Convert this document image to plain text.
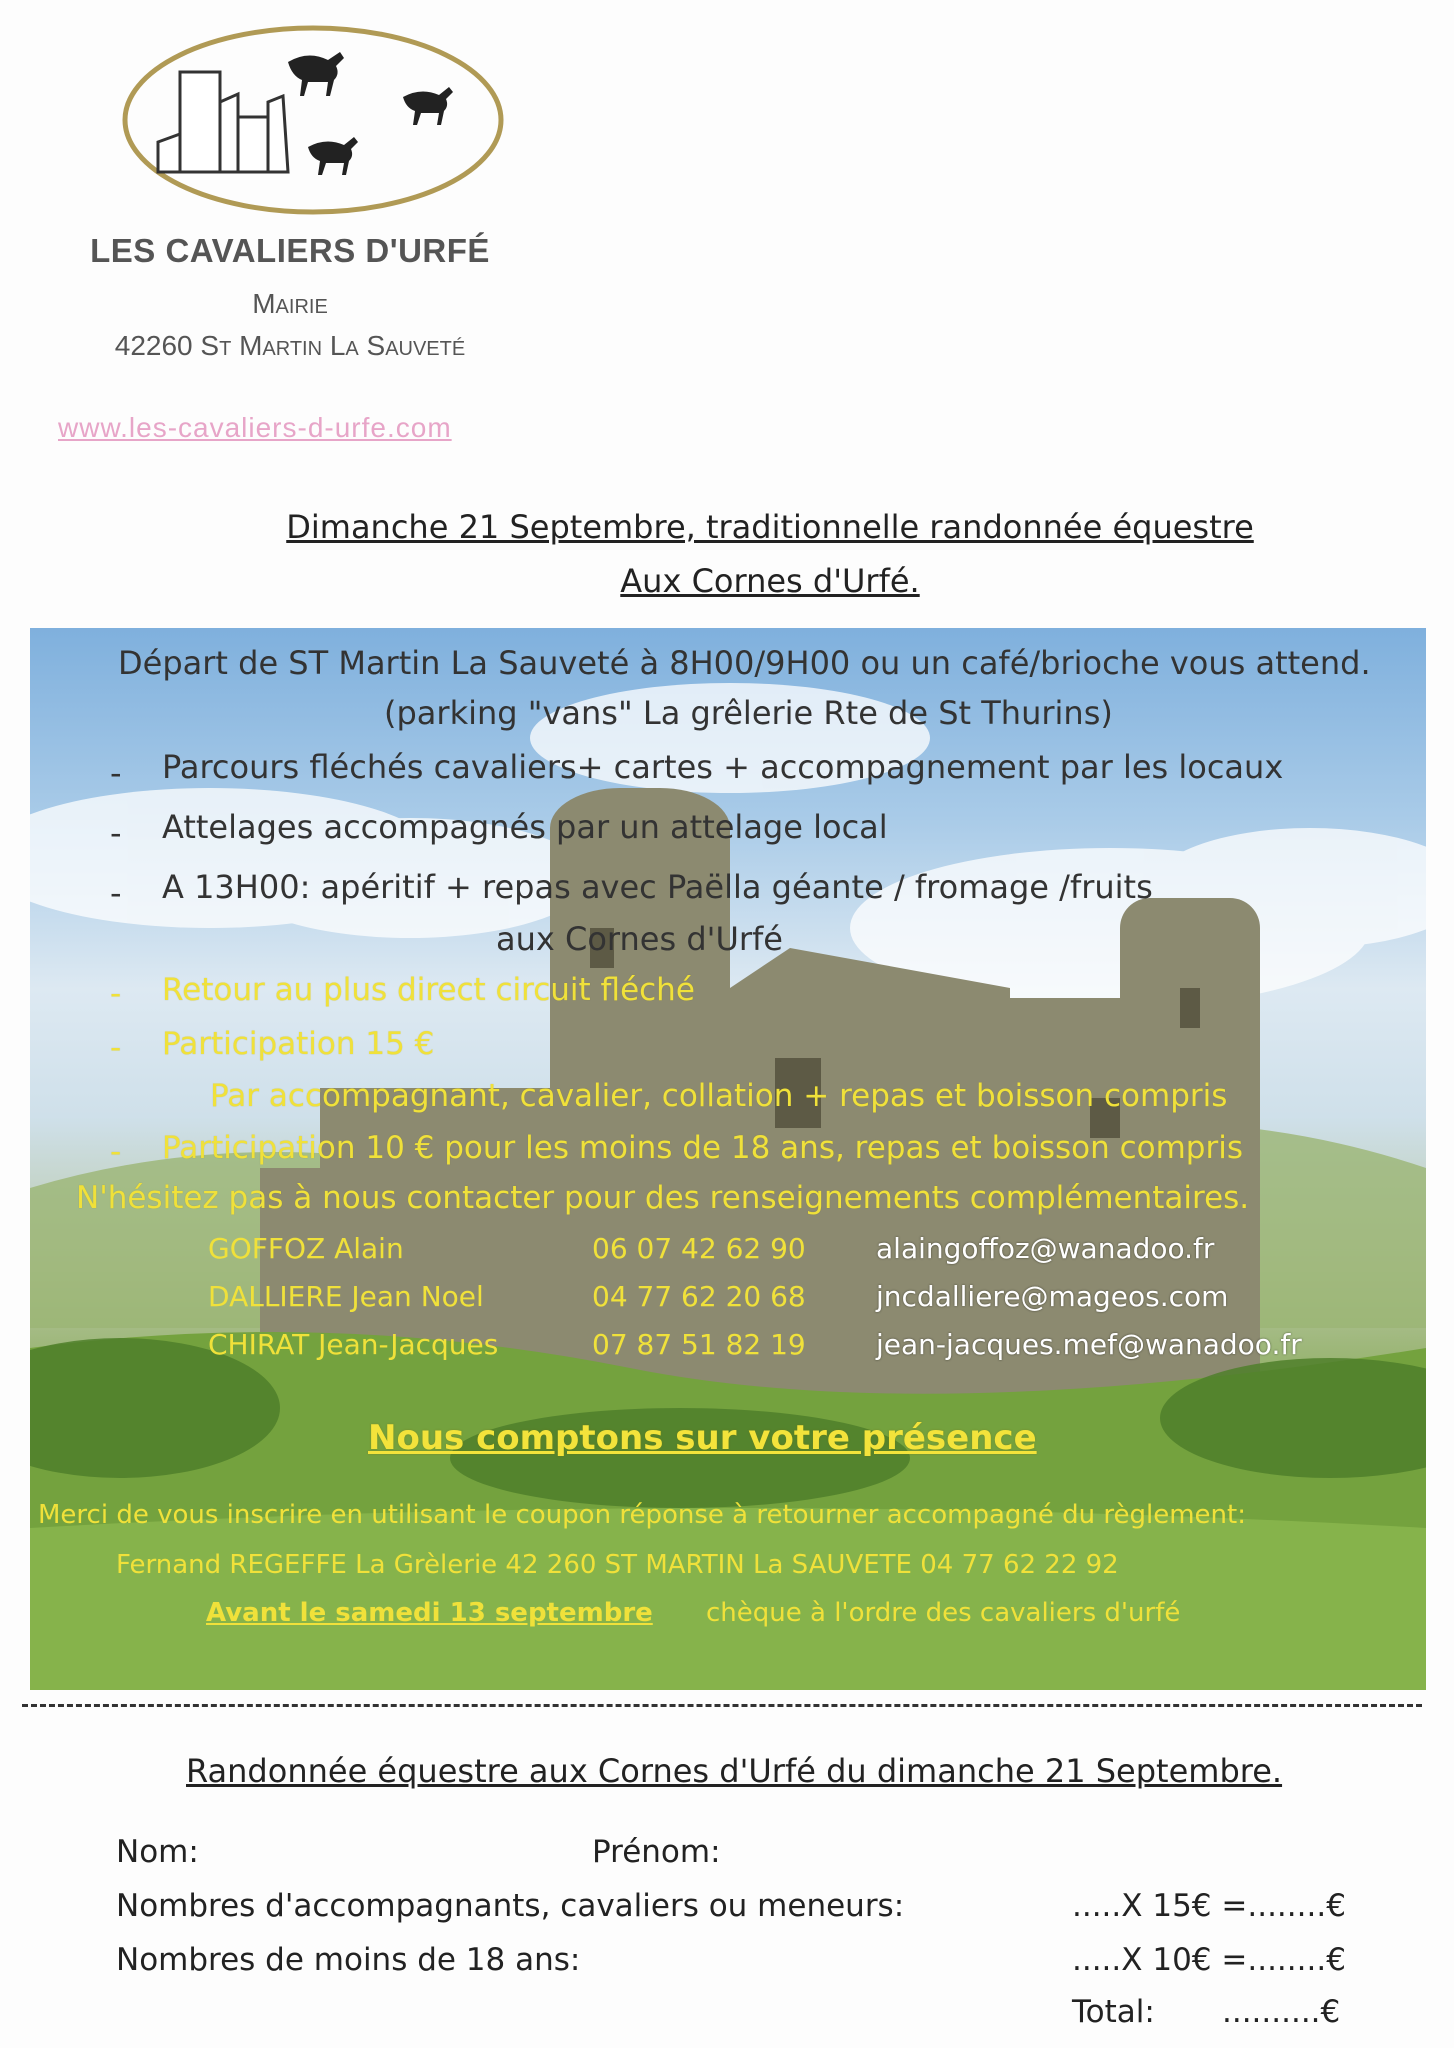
LES CAVALIERS D'URFÉ
Mairie
42260 St Martin La Sauveté
www.les-cavaliers-d-urfe.com
Dimanche 21 Septembre, traditionnelle randonnée équestre
Aux Cornes d'Urfé.
Départ de ST Martin La Sauveté à 8H00/9H00 ou un café/brioche vous attend.
(parking "vans" La grêlerie Rte de St Thurins)
- Parcours fléchés cavaliers+ cartes + accompagnement par les locaux
- Attelages accompagnés par un attelage local
- A 13H00: apéritif + repas avec Paëlla géante / fromage /fruits
aux Cornes d'Urfé
- Retour au plus direct circuit fléché
- Participation 15 €
Par accompagnant, cavalier, collation + repas et boisson compris
- Participation 10 € pour les moins de 18 ans, repas et boisson compris
N'hésitez pas à nous contacter pour des renseignements complémentaires.
GOFFOZ Alain	06 07 42 62 90	alaingoffoz@wanadoo.fr
DALLIERE Jean Noel	04 77 62 20 68	jncdalliere@mageos.com
CHIRAT Jean-Jacques	07 87 51 82 19	jean-jacques.mef@wanadoo.fr
Nous comptons sur votre présence
Merci de vous inscrire en utilisant le coupon réponse à retourner accompagné du règlement:
Fernand REGEFFE La Grèlerie 42 260 ST MARTIN La SAUVETE 04 77 62 22 92
Avant le samedi 13 septembre chèque à l'ordre des cavaliers d'urfé
Randonnée équestre aux Cornes d'Urfé du dimanche 21 Septembre.
Nom:	Prénom:
Nombres d'accompagnants, cavaliers ou meneurs:	.....X 15€ =........€
Nombres de moins de 18 ans:	.....X 10€ =........€
Total: ..........€
